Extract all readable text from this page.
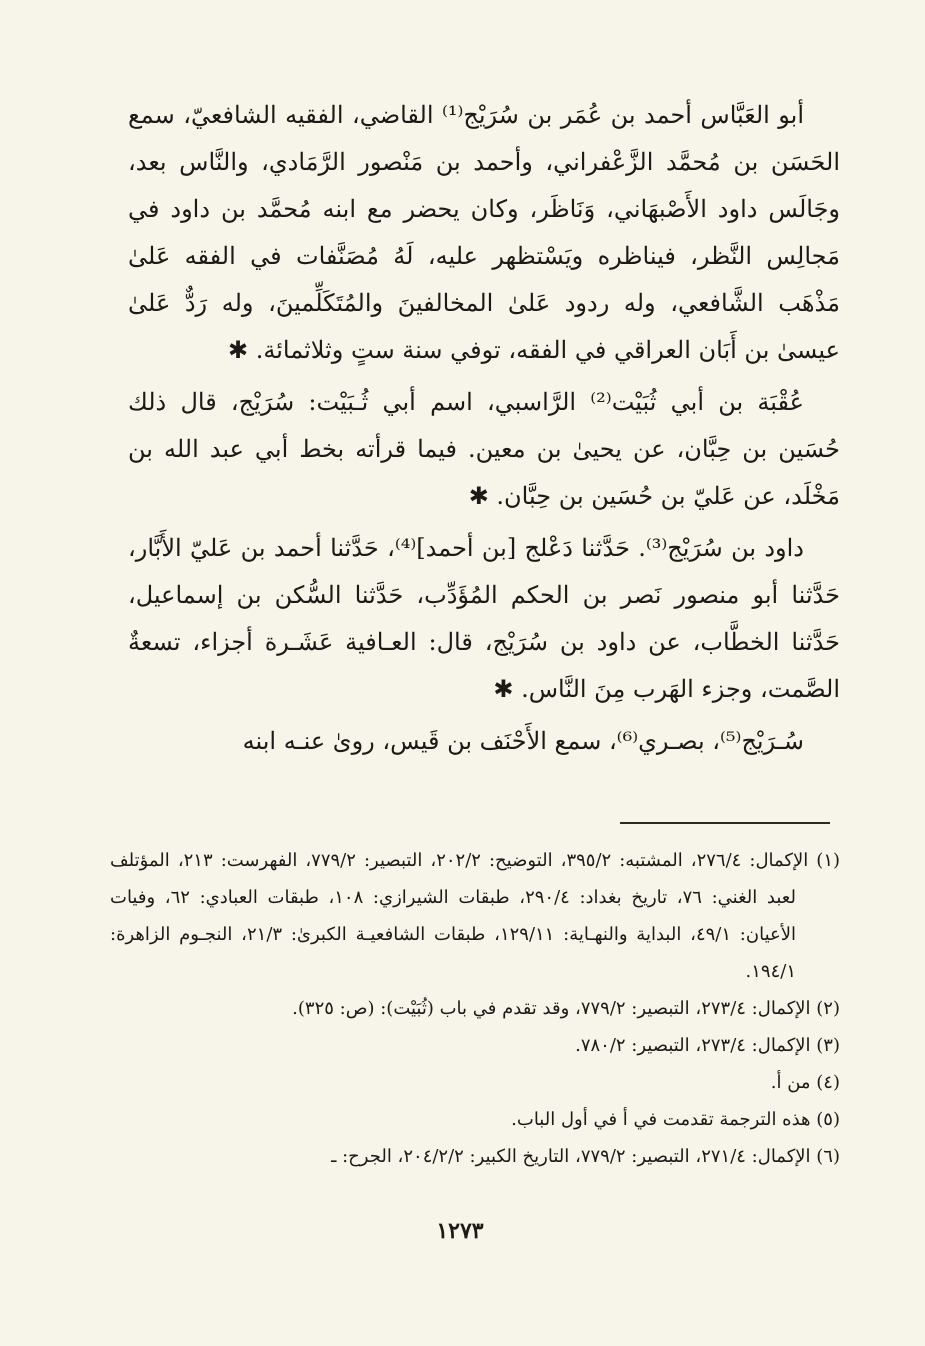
أبو العَبَّاس أحمد بن عُمَر بن سُرَيْج⁽¹⁾ القاضي، الفقيه الشافعيّ، سمع الحَسَن بن مُحمَّد الزَّعْفراني، وأحمد بن مَنْصور الرَّمَادي، والنَّاس بعد، وجَالَس داود الأَصْبهَاني، وَنَاظَر، وكان يحضر مع ابنه مُحمَّد بن داود في مَجالِس النَّظر، فيناظره ويَسْتظهر عليه، لَهُ مُصَنَّفات في الفقه عَلىٰ مَذْهَب الشَّافعي، وله ردود عَلىٰ المخالفينَ والمُتَكَلِّمينَ، وله رَدٌّ عَلىٰ عيسىٰ بن أَبَان العراقي في الفقه، توفي سنة ستٍ وثلاثمائة. ✱

عُقْبَة بن أبي ثُبَيْت⁽²⁾ الرَّاسبي، اسم أبي ثُـبَيْت: سُرَيْج، قال ذلك حُسَين بن حِبَّان، عن يحيىٰ بن معين. فيما قرأته بخط أبي عبد الله بن مَخْلَد، عن عَليّ بن حُسَين بن حِبَّان. ✱

داود بن سُرَيْج⁽³⁾. حَدَّثنا دَعْلج [بن أحمد]⁽⁴⁾، حَدَّثنا أحمد بن عَليّ الأَبَّار، حَدَّثنا أبو منصور نَصر بن الحكم المُؤَدِّب، حَدَّثنا السُّكن بن إسماعيل، حَدَّثنا الخطَّاب، عن داود بن سُرَيْج، قال: العـافية عَشَـرة أجزاء، تسعةٌ الصَّمت، وجزء الهَرب مِنَ النَّاس. ✱

سُـرَيْج⁽⁵⁾، بصـري⁽⁶⁾، سمع الأَحْنَف بن قَيس، روىٰ عنـه ابنه

(١) الإكمال: ٢٧٦/٤، المشتبه: ٣٩٥/٢، التوضيح: ٢٠٢/٢، التبصير: ٧٧٩/٢، الفهرست: ٢١٣، المؤتلف لعبد الغني: ٧٦، تاريخ بغداد: ٢٩٠/٤، طبقات الشيرازي: ١٠٨، طبقات العبادي: ٦٢، وفيات الأعيان: ٤٩/١، البداية والنهـاية: ١٢٩/١١، طبقات الشافعيـة الكبرىٰ: ٢١/٣، النجـوم الزاهرة: ١٩٤/١.

(٢) الإكمال: ٢٧٣/٤، التبصير: ٧٧٩/٢، وقد تقدم في باب (ثُبَيْت): (ص: ٣٢٥).

(٣) الإكمال: ٢٧٣/٤، التبصير: ٧٨٠/٢.

(٤) من أ.

(٥) هذه الترجمة تقدمت في أ في أول الباب.

(٦) الإكمال: ٢٧١/٤، التبصير: ٧٧٩/٢، التاريخ الكبير: ٢٠٤/٢/٢، الجرح: ـ

١٢٧٣
